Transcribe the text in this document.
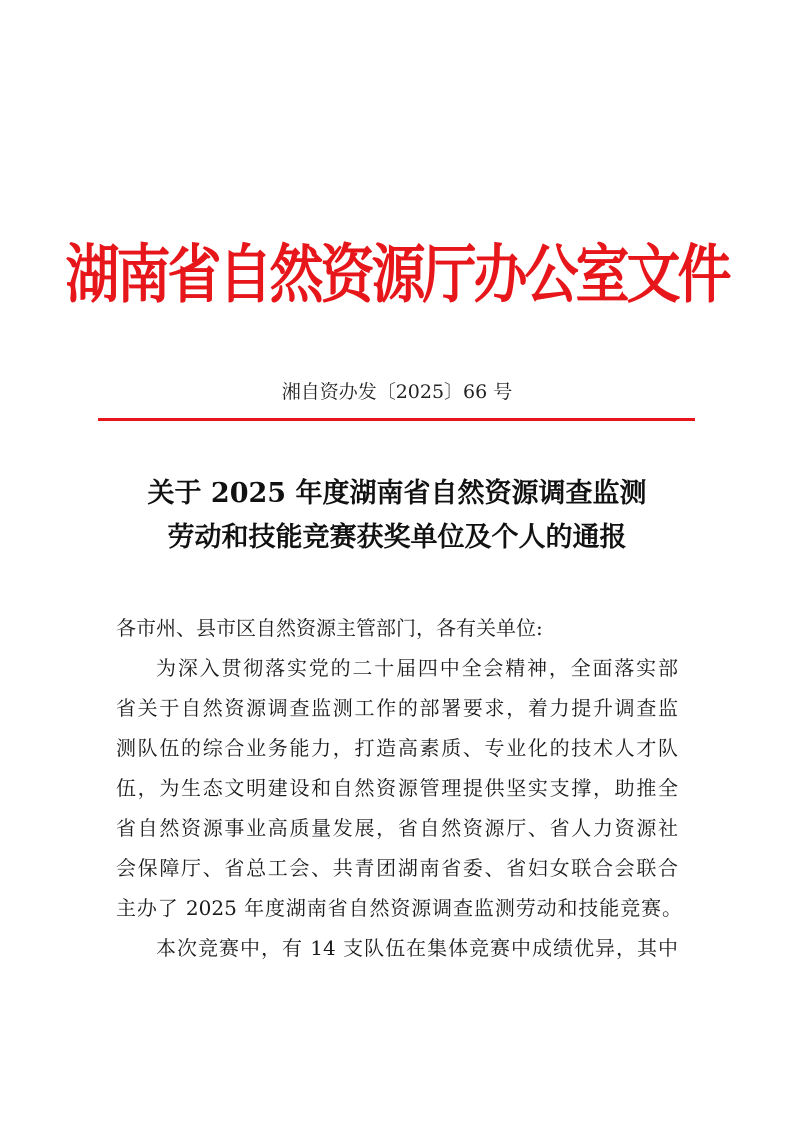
湖南省自然资源厅办公室文件
湘自资办发〔2025〕66 号
关于 2025 年度湖南省自然资源调查监测
劳动和技能竞赛获奖单位及个人的通报
各市州、县市区自然资源主管部门，各有关单位:
为深入贯彻落实党的二十届四中全会精神，全面落实部
省关于自然资源调查监测工作的部署要求，着力提升调查监
测队伍的综合业务能力，打造高素质、专业化的技术人才队
伍，为生态文明建设和自然资源管理提供坚实支撑，助推全
省自然资源事业高质量发展，省自然资源厅、省人力资源社
会保障厅、省总工会、共青团湖南省委、省妇女联合会联合
主办了 2025 年度湖南省自然资源调查监测劳动和技能竞赛。
本次竞赛中，有 14 支队伍在集体竞赛中成绩优异，其中
